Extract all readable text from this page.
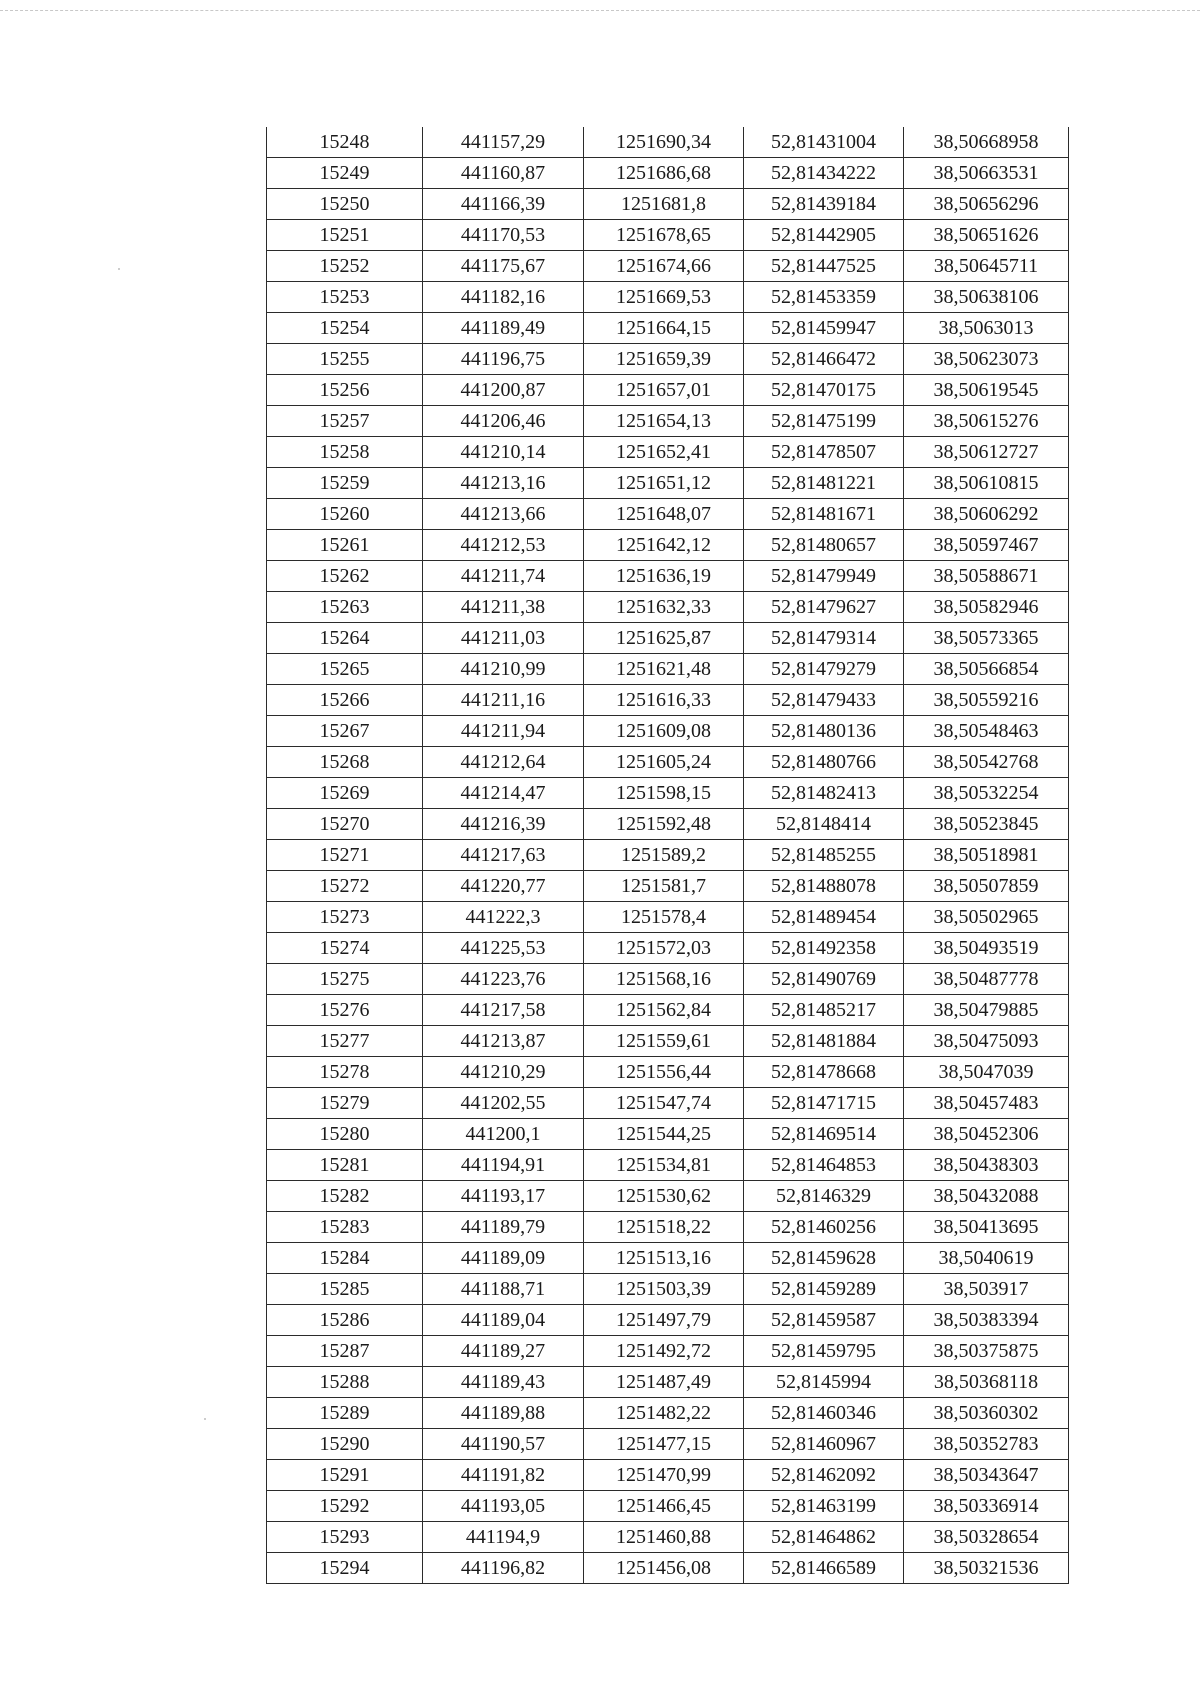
15248	441157,29	1251690,34	52,81431004	38,50668958
15249	441160,87	1251686,68	52,81434222	38,50663531
15250	441166,39	1251681,8	52,81439184	38,50656296
15251	441170,53	1251678,65	52,81442905	38,50651626
15252	441175,67	1251674,66	52,81447525	38,50645711
15253	441182,16	1251669,53	52,81453359	38,50638106
15254	441189,49	1251664,15	52,81459947	38,5063013
15255	441196,75	1251659,39	52,81466472	38,50623073
15256	441200,87	1251657,01	52,81470175	38,50619545
15257	441206,46	1251654,13	52,81475199	38,50615276
15258	441210,14	1251652,41	52,81478507	38,50612727
15259	441213,16	1251651,12	52,81481221	38,50610815
15260	441213,66	1251648,07	52,81481671	38,50606292
15261	441212,53	1251642,12	52,81480657	38,50597467
15262	441211,74	1251636,19	52,81479949	38,50588671
15263	441211,38	1251632,33	52,81479627	38,50582946
15264	441211,03	1251625,87	52,81479314	38,50573365
15265	441210,99	1251621,48	52,81479279	38,50566854
15266	441211,16	1251616,33	52,81479433	38,50559216
15267	441211,94	1251609,08	52,81480136	38,50548463
15268	441212,64	1251605,24	52,81480766	38,50542768
15269	441214,47	1251598,15	52,81482413	38,50532254
15270	441216,39	1251592,48	52,8148414	38,50523845
15271	441217,63	1251589,2	52,81485255	38,50518981
15272	441220,77	1251581,7	52,81488078	38,50507859
15273	441222,3	1251578,4	52,81489454	38,50502965
15274	441225,53	1251572,03	52,81492358	38,50493519
15275	441223,76	1251568,16	52,81490769	38,50487778
15276	441217,58	1251562,84	52,81485217	38,50479885
15277	441213,87	1251559,61	52,81481884	38,50475093
15278	441210,29	1251556,44	52,81478668	38,5047039
15279	441202,55	1251547,74	52,81471715	38,50457483
15280	441200,1	1251544,25	52,81469514	38,50452306
15281	441194,91	1251534,81	52,81464853	38,50438303
15282	441193,17	1251530,62	52,8146329	38,50432088
15283	441189,79	1251518,22	52,81460256	38,50413695
15284	441189,09	1251513,16	52,81459628	38,5040619
15285	441188,71	1251503,39	52,81459289	38,503917
15286	441189,04	1251497,79	52,81459587	38,50383394
15287	441189,27	1251492,72	52,81459795	38,50375875
15288	441189,43	1251487,49	52,8145994	38,50368118
15289	441189,88	1251482,22	52,81460346	38,50360302
15290	441190,57	1251477,15	52,81460967	38,50352783
15291	441191,82	1251470,99	52,81462092	38,50343647
15292	441193,05	1251466,45	52,81463199	38,50336914
15293	441194,9	1251460,88	52,81464862	38,50328654
15294	441196,82	1251456,08	52,81466589	38,50321536
